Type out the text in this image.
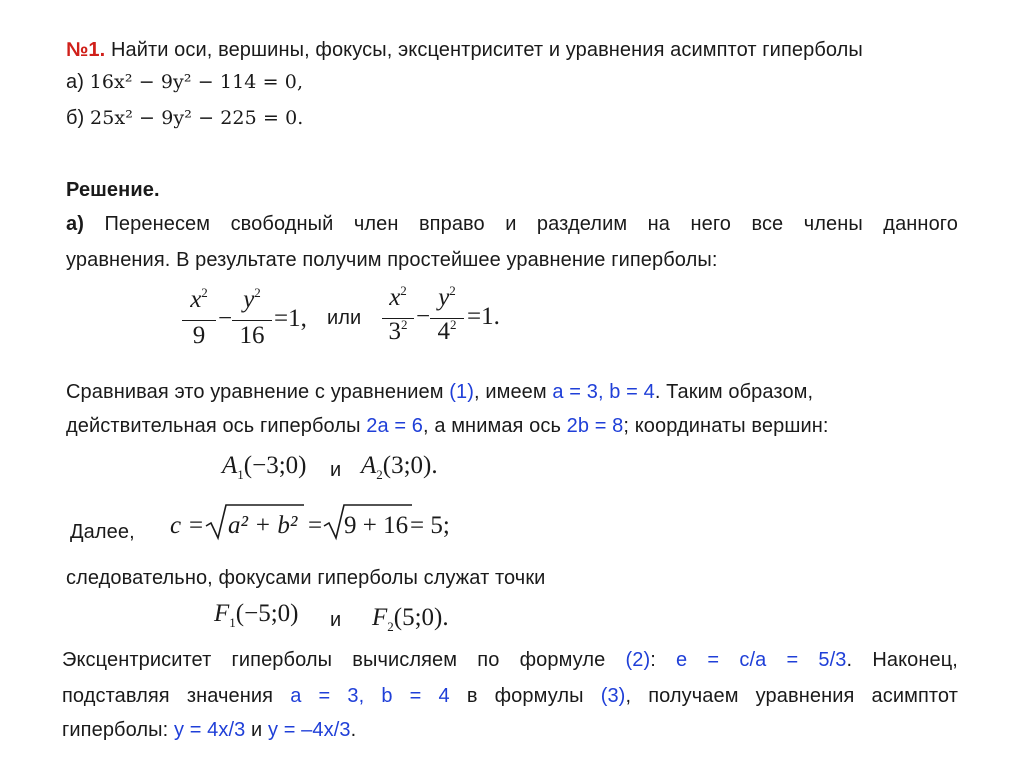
№1. Найти оси, вершины, фокусы, эксцентриситет и уравнения асимптот гиперболы
а) 16x² − 9y² − 114 = 0,
б) 25x² − 9y² − 225 = 0.
Решение.
а) Перенесем свободный член вправо и разделим на него все члены данного
уравнения. В результате получим простейшее уравнение гиперболы:
$x^2$
9
−
$y^2$
16
=1, или
$x^2$
$3^2$ −
$y^2$
$4^2 =1$.
Сравнивая это уравнение с уравнением (1), имеем a = 3, b = 4. Таким образом,
действительная ось гиперболы 2a = 6, а мнимая ось 2b = 8; координаты вершин:
$A_1(-3;0)$ и $A_2(3;0)$.
Далее, c = a² + b² = 9 + 16 = 5;
следовательно, фокусами гиперболы служат точки
$F_1(-5;0)$ и $F_2(5;0)$.
Эксцентриситет гиперболы вычисляем по формуле (2): e = c/a = 5/3. Наконец,
подставляя значения a = 3, b = 4 в формулы (3), получаем уравнения асимптот
гиперболы: y = 4x/3 и y = –4x/3.
